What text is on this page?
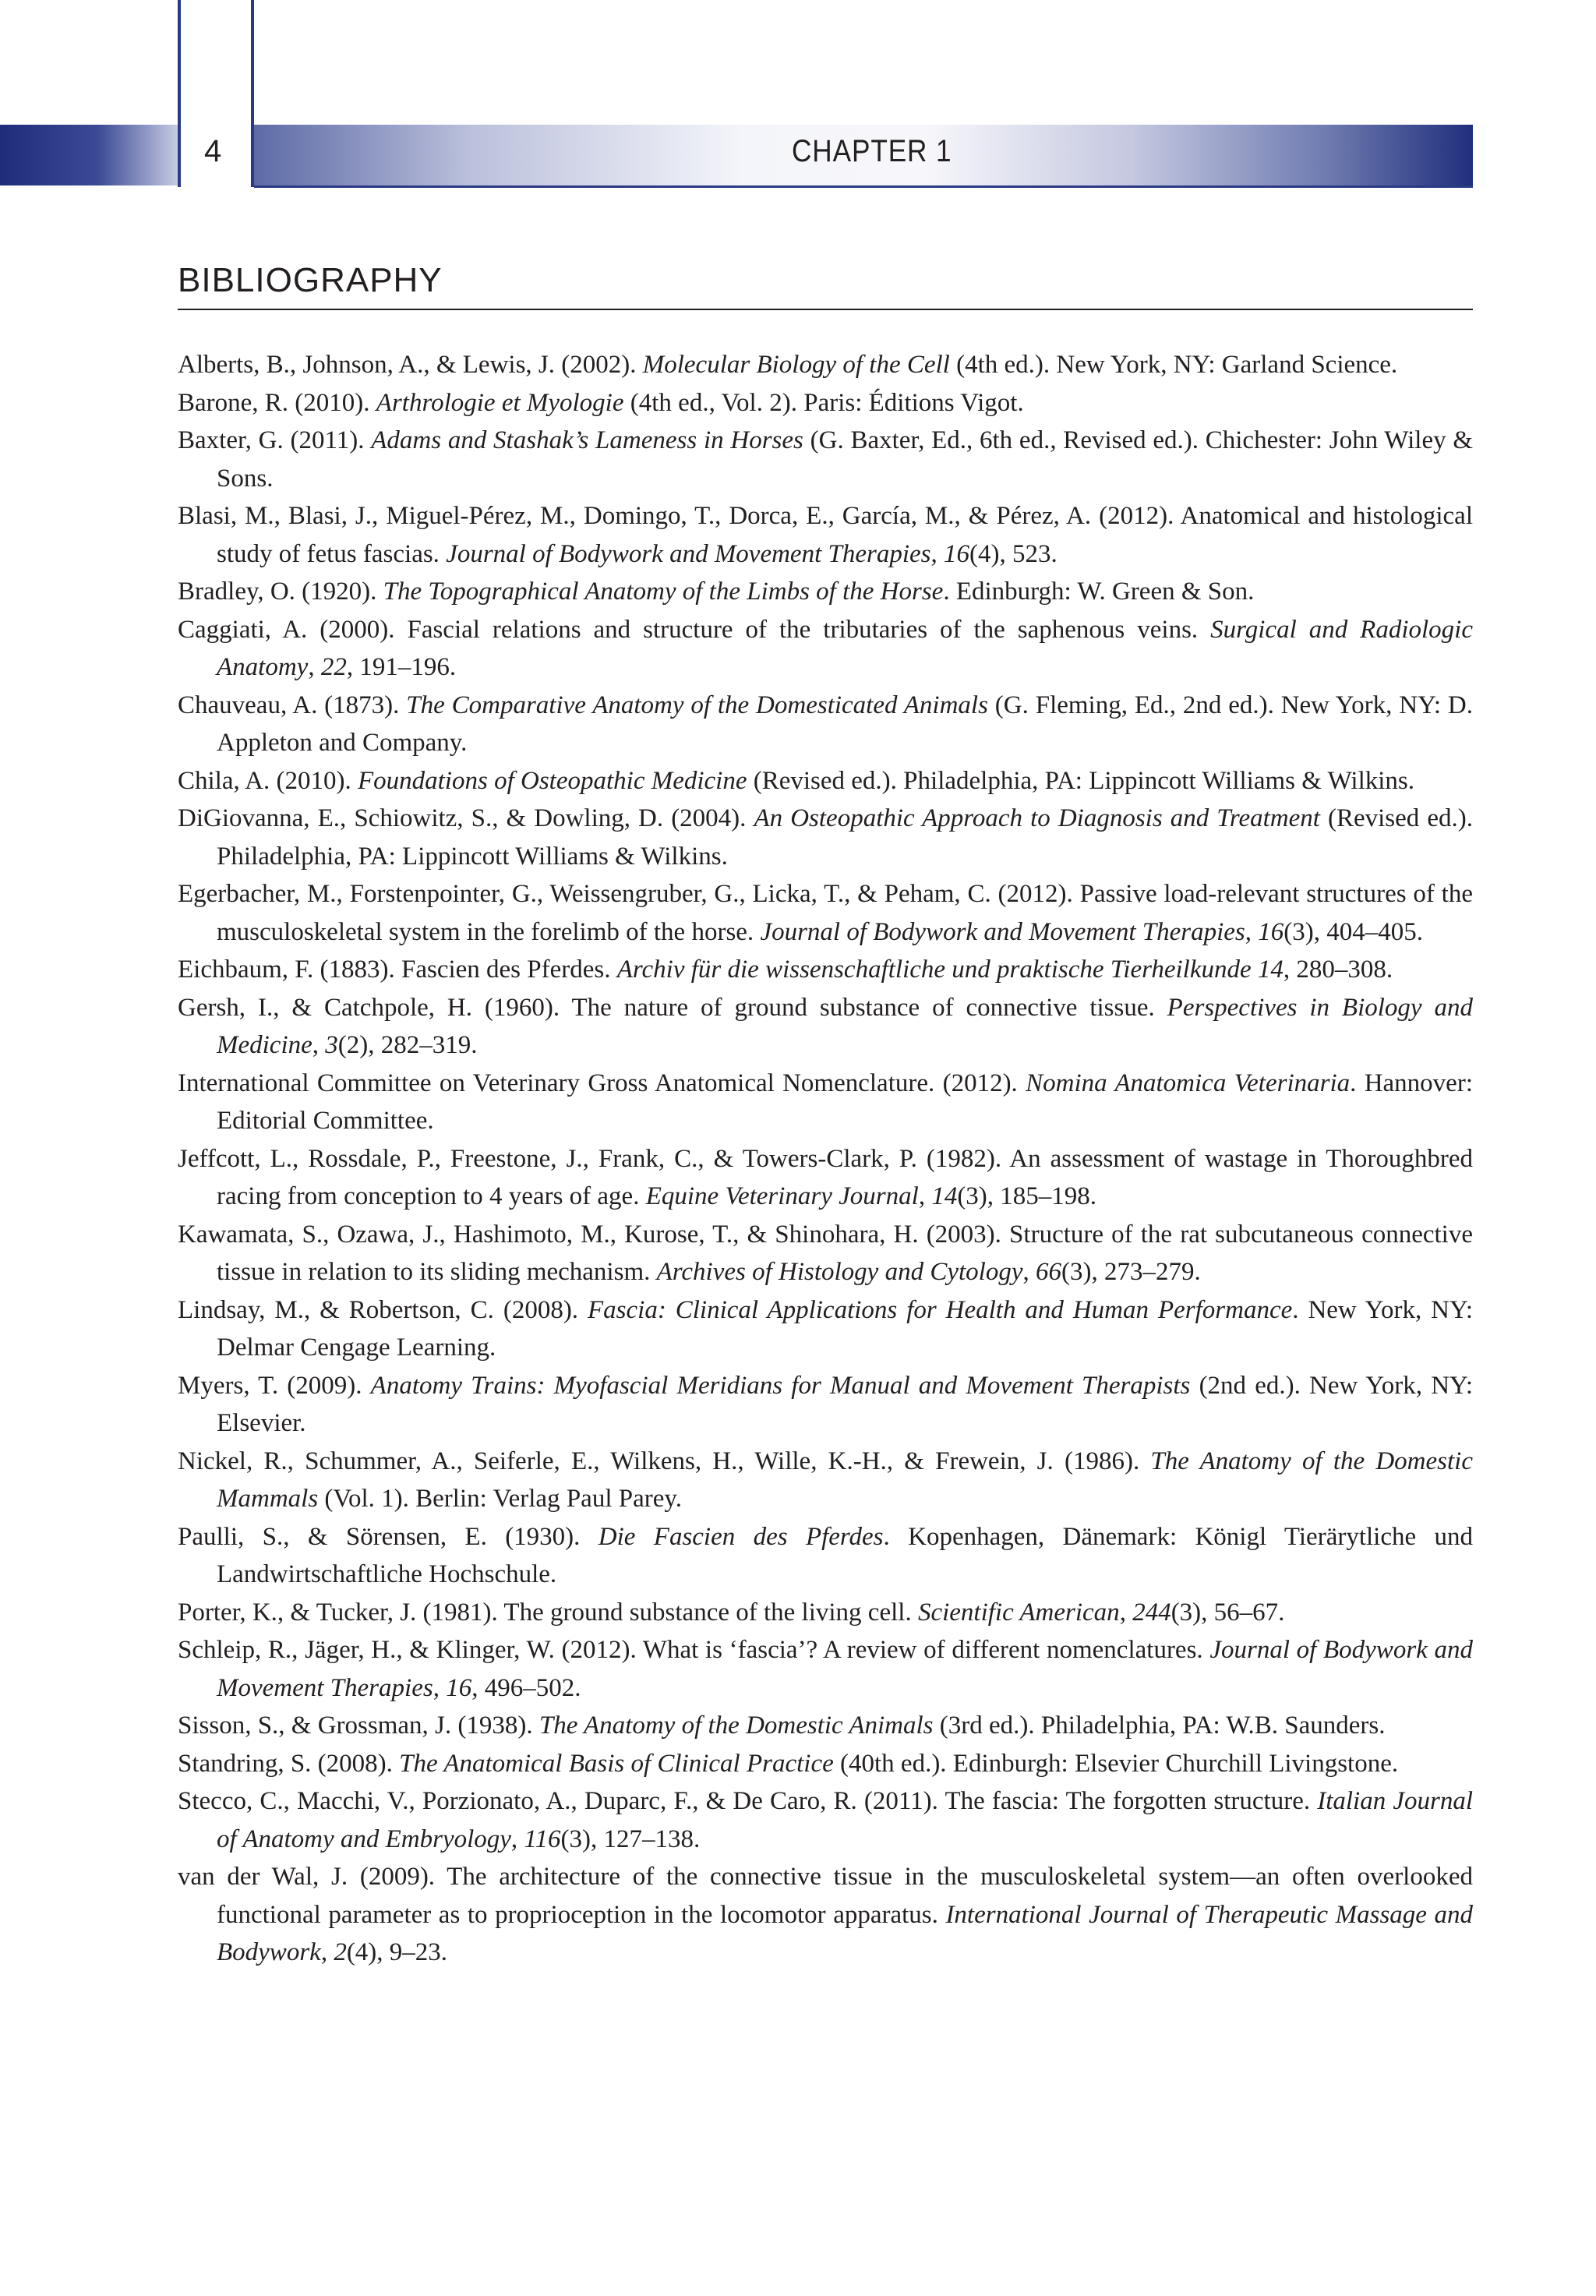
4	CHAPTER 1
BIBLIOGRAPHY
Alberts, B., Johnson, A., & Lewis, J. (2002). Molecular Biology of the Cell (4th ed.). New York, NY: Garland Science.
Barone, R. (2010). Arthrologie et Myologie (4th ed., Vol. 2). Paris: Éditions Vigot.
Baxter, G. (2011). Adams and Stashak’s Lameness in Horses (G. Baxter, Ed., 6th ed., Revised ed.). Chichester: John Wiley & Sons.
Blasi, M., Blasi, J., Miguel-Pérez, M., Domingo, T., Dorca, E., García, M., & Pérez, A. (2012). Anatomical and histological study of fetus fascias. Journal of Bodywork and Movement Therapies, 16(4), 523.
Bradley, O. (1920). The Topographical Anatomy of the Limbs of the Horse. Edinburgh: W. Green & Son.
Caggiati, A. (2000). Fascial relations and structure of the tributaries of the saphenous veins. Surgical and Radiologic Anatomy, 22, 191–196.
Chauveau, A. (1873). The Comparative Anatomy of the Domesticated Animals (G. Fleming, Ed., 2nd ed.). New York, NY: D. Appleton and Company.
Chila, A. (2010). Foundations of Osteopathic Medicine (Revised ed.). Philadelphia, PA: Lippincott Williams & Wilkins.
DiGiovanna, E., Schiowitz, S., & Dowling, D. (2004). An Osteopathic Approach to Diagnosis and Treatment (Revised ed.). Philadelphia, PA: Lippincott Williams & Wilkins.
Egerbacher, M., Forstenpointer, G., Weissengruber, G., Licka, T., & Peham, C. (2012). Passive load-relevant structures of the musculoskeletal system in the forelimb of the horse. Journal of Bodywork and Movement Therapies, 16(3), 404–405.
Eichbaum, F. (1883). Fascien des Pferdes. Archiv für die wissenschaftliche und praktische Tierheilkunde 14, 280–308.
Gersh, I., & Catchpole, H. (1960). The nature of ground substance of connective tissue. Perspectives in Biology and Medicine, 3(2), 282–319.
International Committee on Veterinary Gross Anatomical Nomenclature. (2012). Nomina Anatomica Veterinaria. Hannover: Editorial Committee.
Jeffcott, L., Rossdale, P., Freestone, J., Frank, C., & Towers-Clark, P. (1982). An assessment of wastage in Thoroughbred racing from conception to 4 years of age. Equine Veterinary Journal, 14(3), 185–198.
Kawamata, S., Ozawa, J., Hashimoto, M., Kurose, T., & Shinohara, H. (2003). Structure of the rat subcutaneous connective tissue in relation to its sliding mechanism. Archives of Histology and Cytology, 66(3), 273–279.
Lindsay, M., & Robertson, C. (2008). Fascia: Clinical Applications for Health and Human Performance. New York, NY: Delmar Cengage Learning.
Myers, T. (2009). Anatomy Trains: Myofascial Meridians for Manual and Movement Therapists (2nd ed.). New York, NY: Elsevier.
Nickel, R., Schummer, A., Seiferle, E., Wilkens, H., Wille, K.-H., & Frewein, J. (1986). The Anatomy of the Domestic Mammals (Vol. 1). Berlin: Verlag Paul Parey.
Paulli, S., & Sörensen, E. (1930). Die Fascien des Pferdes. Kopenhagen, Dänemark: Königl Tierärytliche und Landwirtschaftliche Hochschule.
Porter, K., & Tucker, J. (1981). The ground substance of the living cell. Scientific American, 244(3), 56–67.
Schleip, R., Jäger, H., & Klinger, W. (2012). What is ‘fascia’? A review of different nomenclatures. Journal of Bodywork and Movement Therapies, 16, 496–502.
Sisson, S., & Grossman, J. (1938). The Anatomy of the Domestic Animals (3rd ed.). Philadelphia, PA: W.B. Saunders.
Standring, S. (2008). The Anatomical Basis of Clinical Practice (40th ed.). Edinburgh: Elsevier Churchill Livingstone.
Stecco, C., Macchi, V., Porzionato, A., Duparc, F., & De Caro, R. (2011). The fascia: The forgotten structure. Italian Journal of Anatomy and Embryology, 116(3), 127–138.
van der Wal, J. (2009). The architecture of the connective tissue in the musculoskeletal system—an often overlooked functional parameter as to proprioception in the locomotor apparatus. International Journal of Therapeutic Massage and Bodywork, 2(4), 9–23.
